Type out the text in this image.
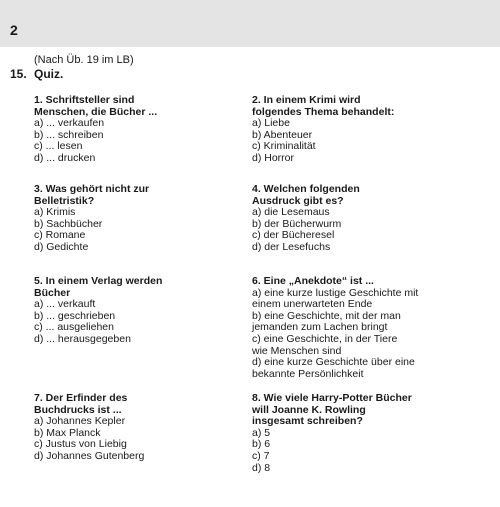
2
(Nach Üb. 19 im LB)
15. Quiz.
1. Schriftsteller sind
Menschen, die Bücher ...
a) ... verkaufen
b) ... schreiben
c) ... lesen
d) ... drucken
2. In einem Krimi wird
folgendes Thema behandelt:
a) Liebe
b) Abenteuer
c) Kriminalität
d) Horror
3. Was gehört nicht zur
Belletristik?
a) Krimis
b) Sachbücher
c) Romane
d) Gedichte
4. Welchen folgenden
Ausdruck gibt es?
a) die Lesemaus
b) der Bücherwurm
c) der Bücheresel
d) der Lesefuchs
5. In einem Verlag werden
Bücher
a) ... verkauft
b) ... geschrieben
c) ... ausgeliehen
d) ... herausgegeben
6. Eine „Anekdote“ ist ...
a) eine kurze lustige Geschichte mit
einem unerwarteten Ende
b) eine Geschichte, mit der man
jemanden zum Lachen bringt
c) eine Geschichte, in der Tiere
wie Menschen sind
d) eine kurze Geschichte über eine
bekannte Persönlichkeit
7. Der Erfinder des
Buchdrucks ist ...
a) Johannes Kepler
b) Max Planck
c) Justus von Liebig
d) Johannes Gutenberg
8. Wie viele Harry-Potter Bücher
will Joanne K. Rowling
insgesamt schreiben?
a) 5
b) 6
c) 7
d) 8
